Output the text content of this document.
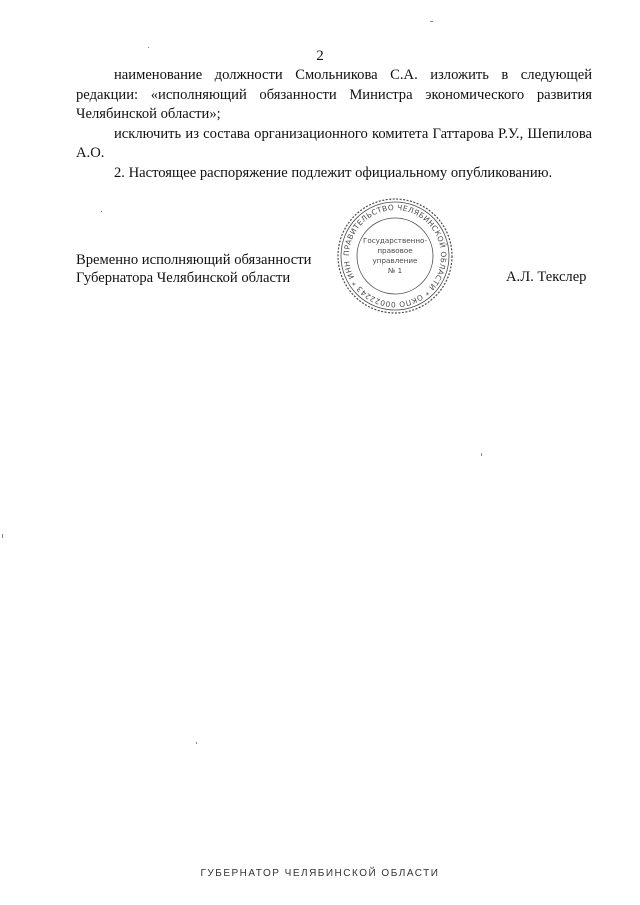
2

наименование должности Смольникова С.А. изложить в следующей редакции: «исполняющий обязанности Министра экономического развития Челябинской области»;

исключить из состава организационного комитета Гаттарова Р.У., Шепилова А.О.

2. Настоящее распоряжение подлежит официальному опубликованию.

Временно исполняющий обязанности
Губернатора Челябинской области	А.Л. Текслер
ПРАВИТЕЛЬСТВО ЧЕЛЯБИНСКОЙ ОБЛАСТИ * ОКПО 00022243 * ИНН
Государственно-
правовое
управление
№ 1
ГУБЕРНАТОР ЧЕЛЯБИНСКОЙ ОБЛАСТИ
